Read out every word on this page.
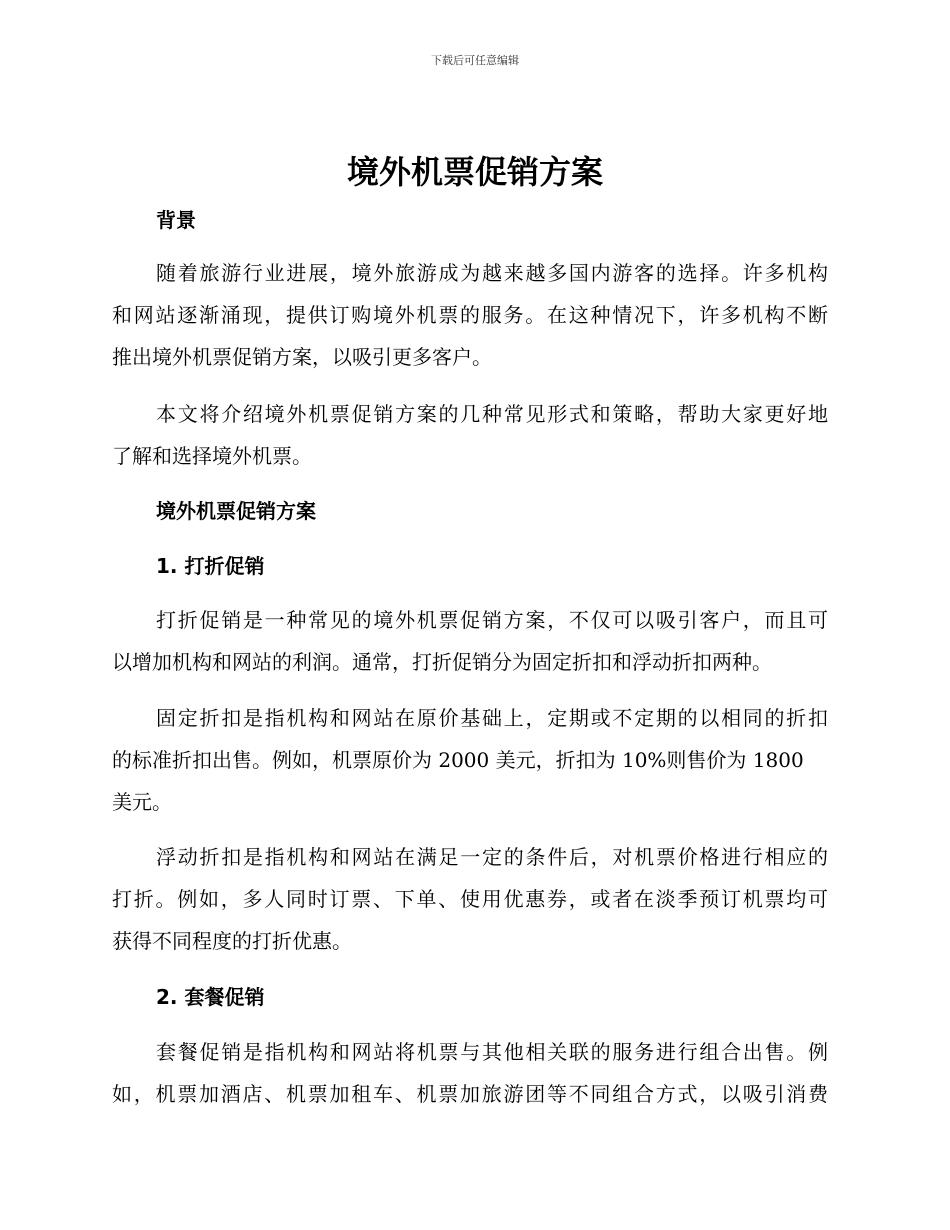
下载后可任意编辑
境外机票促销方案
背景
随着旅游行业进展，境外旅游成为越来越多国内游客的选择。许多机构
和网站逐渐涌现，提供订购境外机票的服务。在这种情况下，许多机构不断
推出境外机票促销方案，以吸引更多客户。
本文将介绍境外机票促销方案的几种常见形式和策略，帮助大家更好地
了解和选择境外机票。
境外机票促销方案
1. 打折促销
打折促销是一种常见的境外机票促销方案，不仅可以吸引客户，而且可
以增加机构和网站的利润。通常，打折促销分为固定折扣和浮动折扣两种。
固定折扣是指机构和网站在原价基础上，定期或不定期的以相同的折扣
的标准折扣出售。例如，机票原价为 2000 美元，折扣为 10%则售价为 1800
美元。
浮动折扣是指机构和网站在满足一定的条件后，对机票价格进行相应的
打折。例如，多人同时订票、下单、使用优惠券，或者在淡季预订机票均可
获得不同程度的打折优惠。
2. 套餐促销
套餐促销是指机构和网站将机票与其他相关联的服务进行组合出售。例
如，机票加酒店、机票加租车、机票加旅游团等不同组合方式，以吸引消费
